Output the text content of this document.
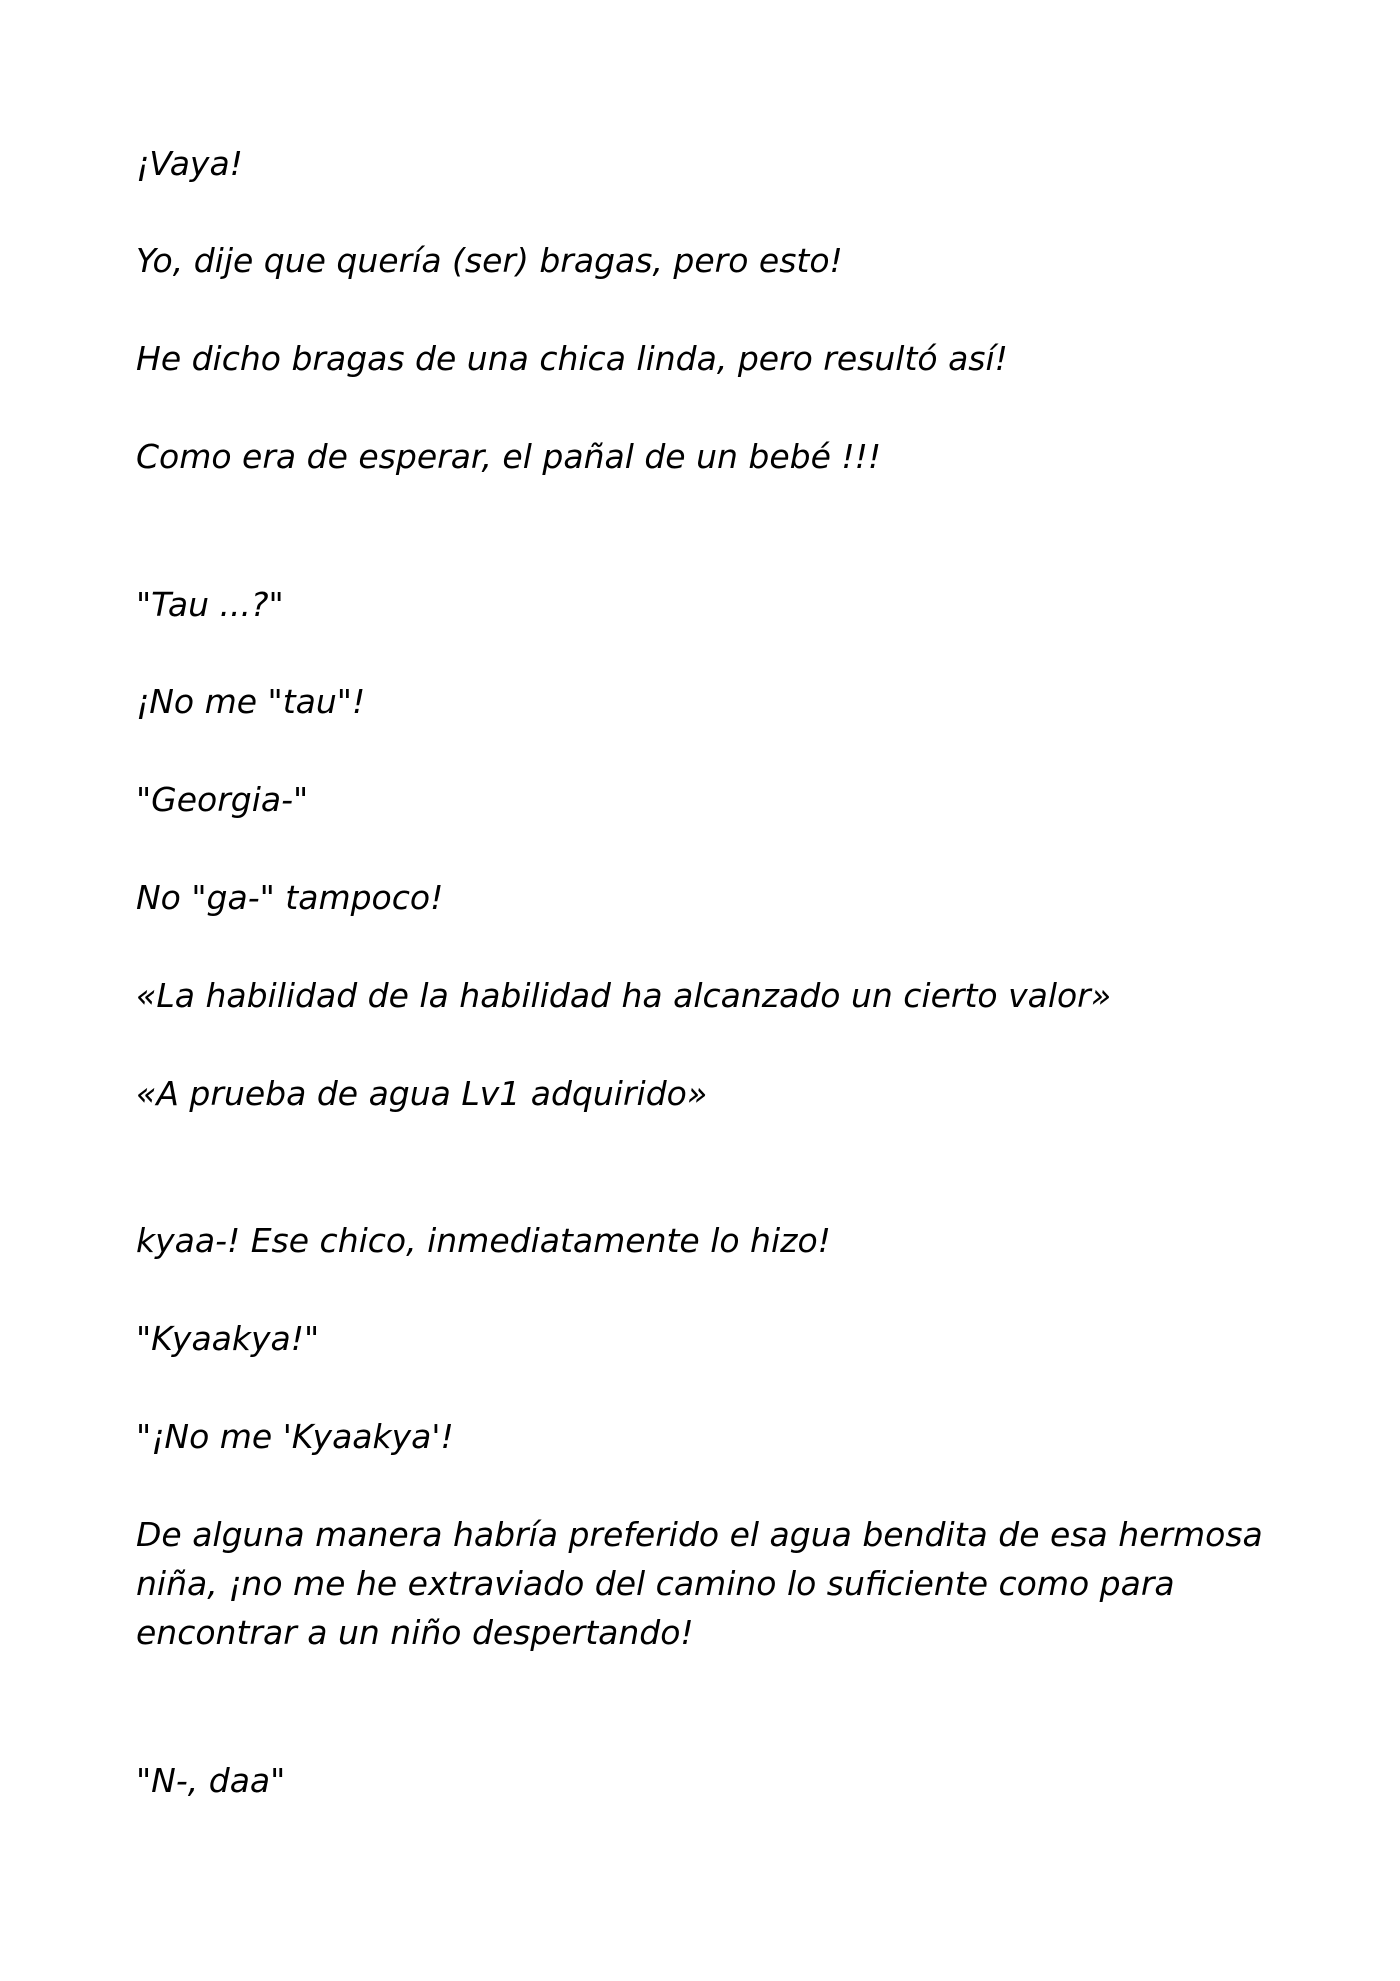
¡Vaya!

Yo, dije que quería (ser) bragas, pero esto!

He dicho bragas de una chica linda, pero resultó así!

Como era de esperar, el pañal de un bebé !!!

"Tau ...?"

¡No me "tau"!

"Georgia-"

No "ga-" tampoco!

«La habilidad de la habilidad ha alcanzado un cierto valor»

«A prueba de agua Lv1 adquirido»

kyaa-! Ese chico, inmediatamente lo hizo!

"Kyaakya!"

"¡No me 'Kyaakya'!

De alguna manera habría preferido el agua bendita de esa hermosa niña, ¡no me he extraviado del camino lo suficiente como para encontrar a un niño despertando!

"N-, daa"
